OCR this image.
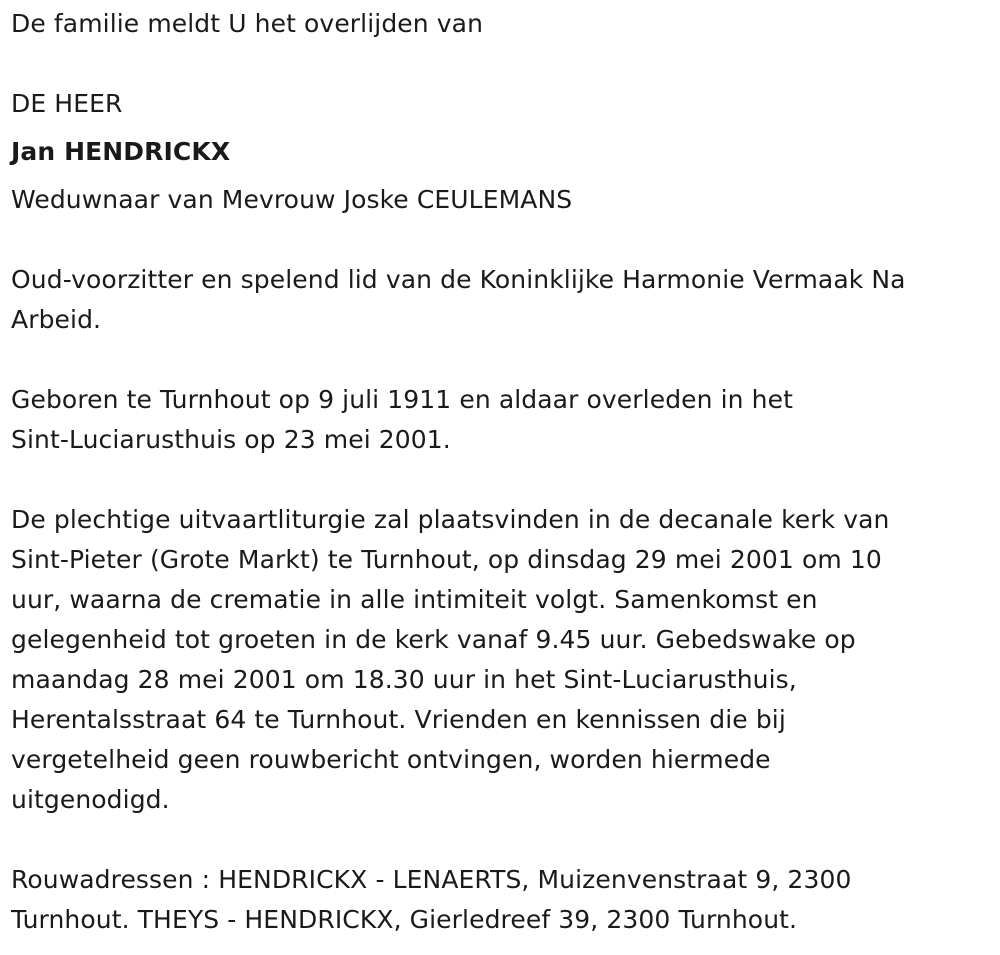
De familie meldt U het overlijden van

DE HEER

Jan HENDRICKX

Weduwnaar van Mevrouw Joske CEULEMANS

Oud-voorzitter en spelend lid van de Koninklijke Harmonie Vermaak Na
Arbeid.

Geboren te Turnhout op 9 juli 1911 en aldaar overleden in het
Sint-Luciarusthuis op 23 mei 2001.

De plechtige uitvaartliturgie zal plaatsvinden in de decanale kerk van
Sint-Pieter (Grote Markt) te Turnhout, op dinsdag 29 mei 2001 om 10
uur, waarna de crematie in alle intimiteit volgt. Samenkomst en
gelegenheid tot groeten in de kerk vanaf 9.45 uur. Gebedswake op
maandag 28 mei 2001 om 18.30 uur in het Sint-Luciarusthuis,
Herentalsstraat 64 te Turnhout. Vrienden en kennissen die bij
vergetelheid geen rouwbericht ontvingen, worden hiermede
uitgenodigd.

Rouwadressen : HENDRICKX - LENAERTS, Muizenvenstraat 9, 2300
Turnhout. THEYS - HENDRICKX, Gierledreef 39, 2300 Turnhout.
